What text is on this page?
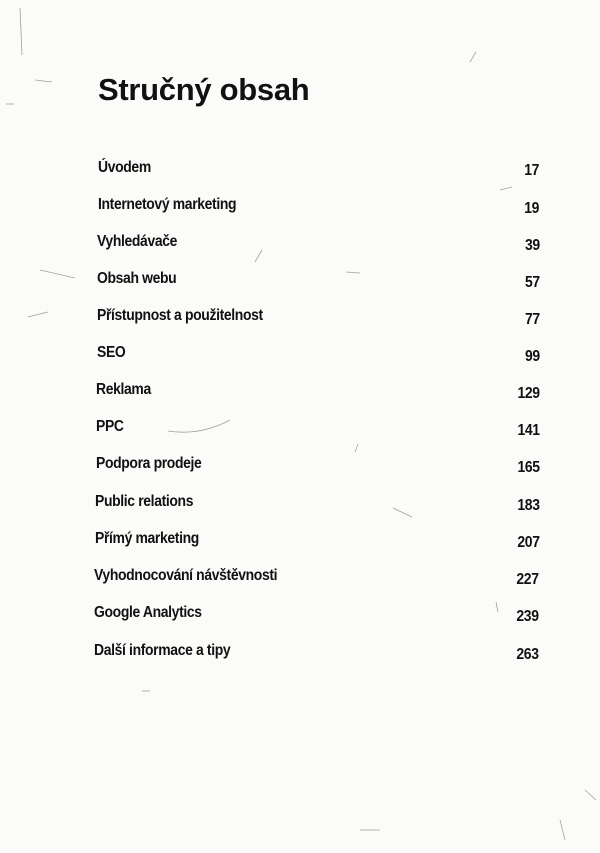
Stručný obsah
Úvodem	17
Internetový marketing	19
Vyhledávače	39
Obsah webu	57
Přístupnost a použitelnost	77
SEO	99
Reklama	129
PPC	141
Podpora prodeje	165
Public relations	183
Přímý marketing	207
Vyhodnocování návštěvnosti	227
Google Analytics	239
Další informace a tipy	263
